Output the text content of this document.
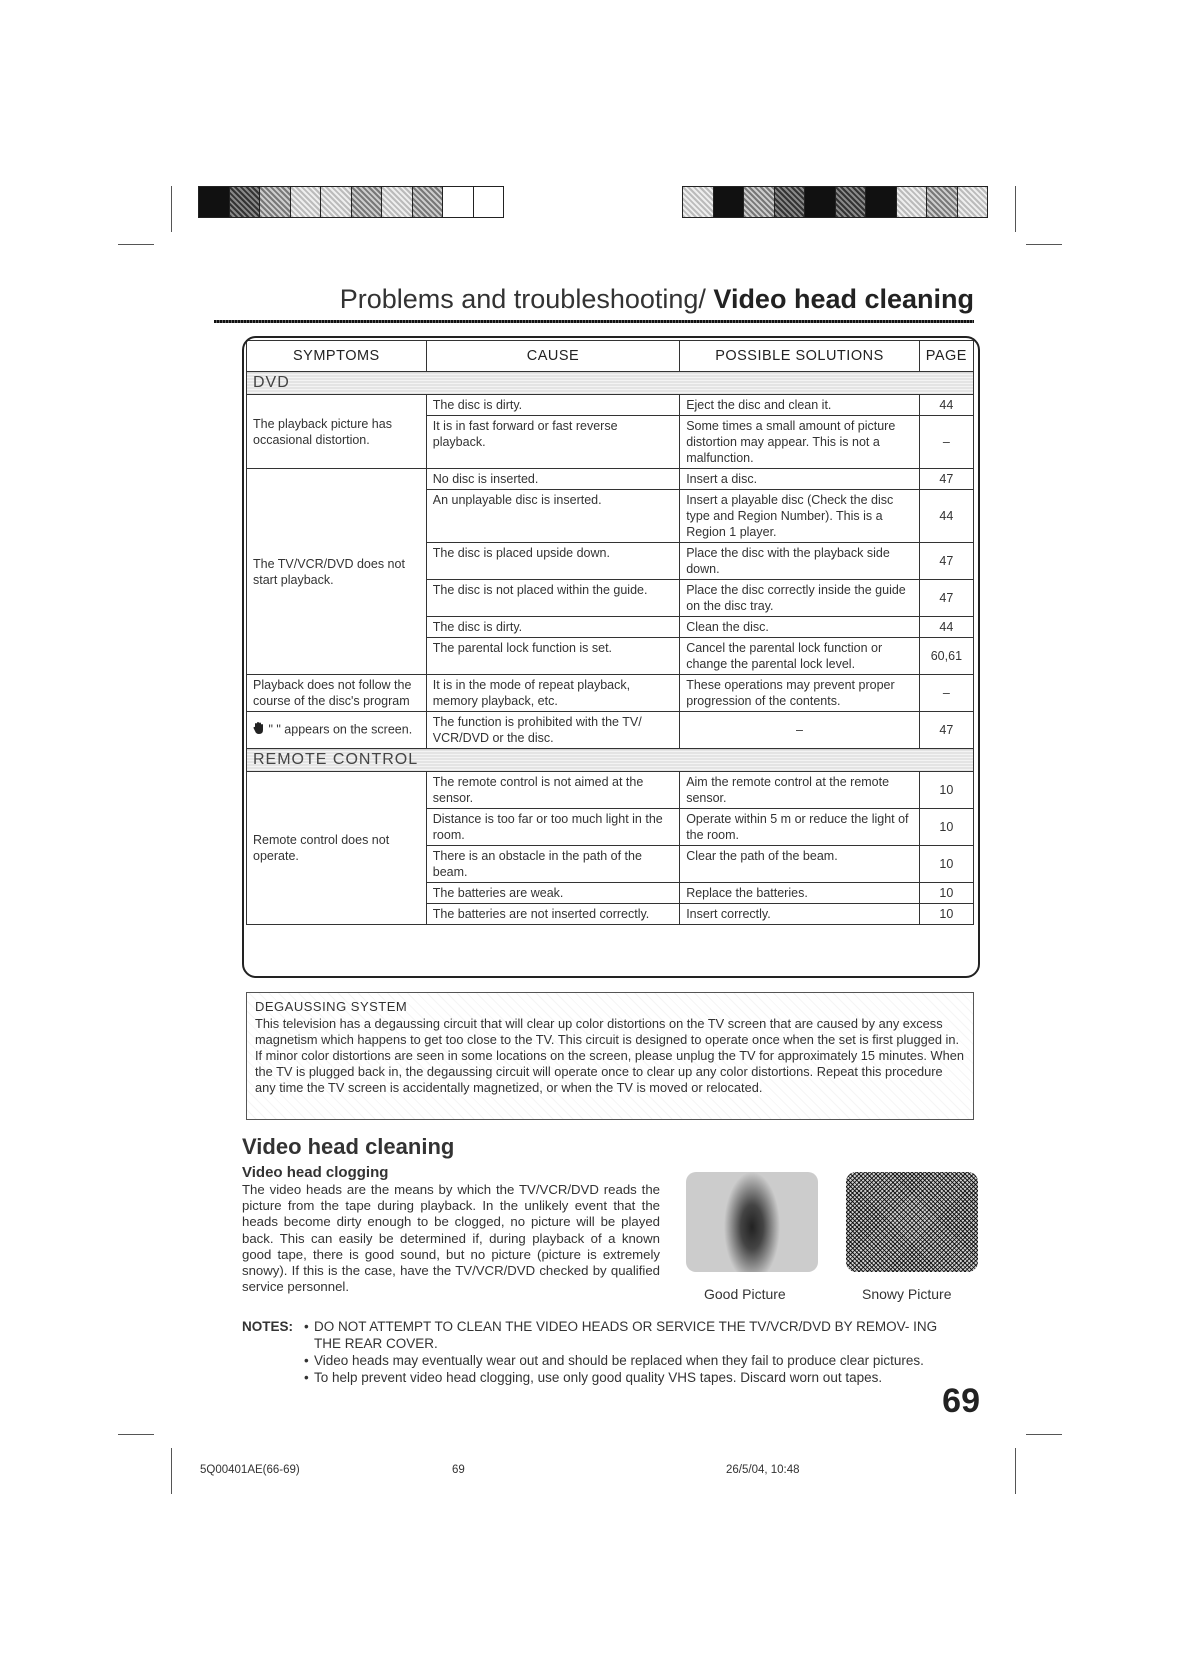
Problems and troubleshooting/ Video head cleaning
SYMPTOMS	CAUSE	POSSIBLE SOLUTIONS	PAGE
DVD			
The playback picture has occasional distortion.	The disc is dirty.	Eject the disc and clean it.	44
	It is in fast forward or fast reverse playback.	Some times a small amount of picture distortion may appear. This is not a malfunction.	–
The TV/VCR/DVD does not start playback.	No disc is inserted.	Insert a disc.	47
	An unplayable disc is inserted.	Insert a playable disc (Check the disc type and Region Number). This is a Region 1 player.	44
	The disc is placed upside down.	Place the disc with the playback side down.	47
	The disc is not placed within the guide.	Place the disc correctly inside the guide on the disc tray.	47
	The disc is dirty.	Clean the disc.	44
	The parental lock function is set.	Cancel the parental lock function or change the parental lock level.	60,61
Playback does not follow the course of the disc's program	It is in the mode of repeat playback, memory playback, etc.	These operations may prevent proper progression of the contents.	–
" " appears on the screen.	The function is prohibited with the TV/ VCR/DVD or the disc.	–	47
REMOTE CONTROL			
Remote control does not operate.	The remote control is not aimed at the sensor.	Aim the remote control at the remote sensor.	10
	Distance is too far or too much light in the room.	Operate within 5 m or reduce the light of the room.	10
	There is an obstacle in the path of the beam.	Clear the path of the beam.	10
	The batteries are weak.	Replace the batteries.	10
	The batteries are not inserted correctly.	Insert correctly.	10
DEGAUSSING SYSTEM
This television has a degaussing circuit that will clear up color distortions on the TV screen that are caused by any excess magnetism which happens to get too close to the TV. This circuit is designed to operate once when the set is first plugged in. If minor color distortions are seen in some locations on the screen, please unplug the TV for approximately 15 minutes. When the TV is plugged back in, the degaussing circuit will operate once to clear up any color distortions. Repeat this procedure any time the TV screen is accidentally magnetized, or when the TV is moved or relocated.
Video head cleaning
Video head clogging
The video heads are the means by which the TV/VCR/DVD reads the picture from the tape during playback. In the unlikely event that the heads become dirty enough to be clogged, no picture will be played back. This can easily be determined if, during playback of a known good tape, there is good sound, but no picture (picture is extremely snowy). If this is the case, have the TV/VCR/DVD checked by qualified service personnel.	Good Picture	Snowy Picture
NOTES:	• DO NOT ATTEMPT TO CLEAN THE VIDEO HEADS OR SERVICE THE TV/VCR/DVD BY REMOV- ING THE REAR COVER.
• Video heads may eventually wear out and should be replaced when they fail to produce clear pictures.
• To help prevent video head clogging, use only good quality VHS tapes. Discard worn out tapes.
69
5Q00401AE(66-69)	69	26/5/04, 10:48
